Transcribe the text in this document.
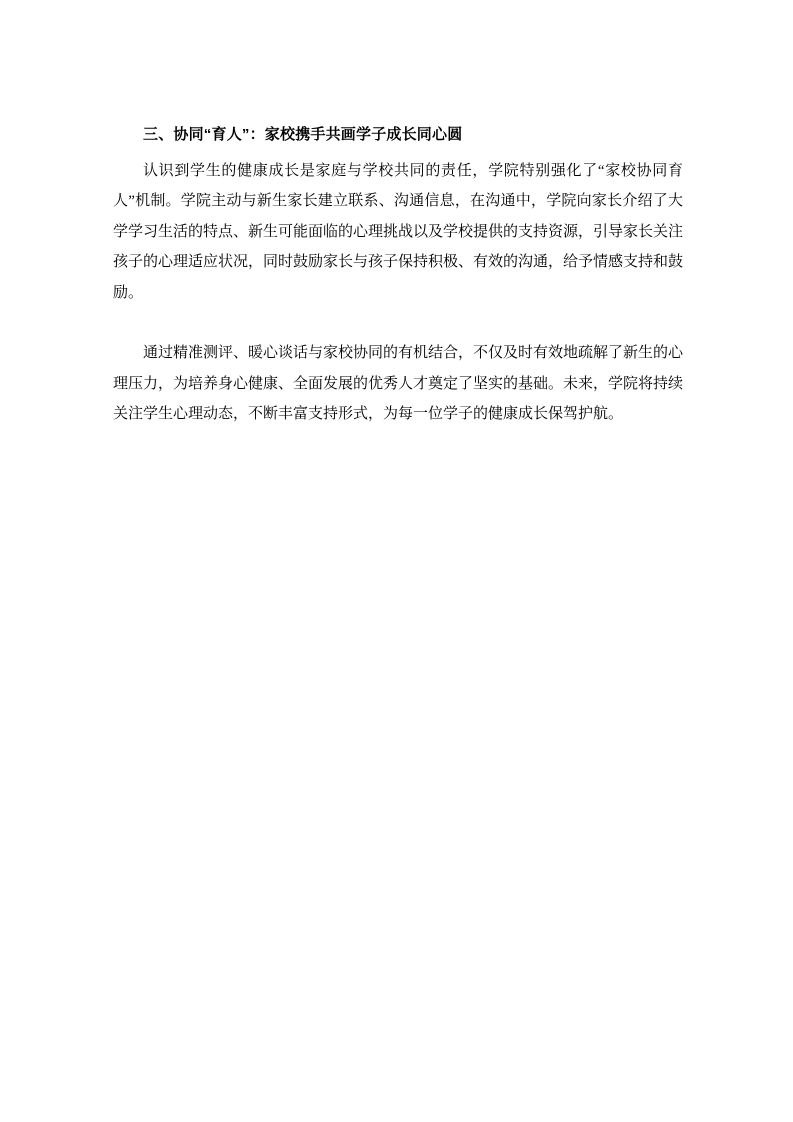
三、协同“育人”：家校携手共画学子成长同心圆

认识到学生的健康成长是家庭与学校共同的责任，学院特别强化了“家校协同育人”机制。学院主动与新生家长建立联系、沟通信息，在沟通中，学院向家长介绍了大学学习生活的特点、新生可能面临的心理挑战以及学校提供的支持资源，引导家长关注孩子的心理适应状况，同时鼓励家长与孩子保持积极、有效的沟通，给予情感支持和鼓励。

通过精准测评、暖心谈话与家校协同的有机结合，不仅及时有效地疏解了新生的心理压力，为培养身心健康、全面发展的优秀人才奠定了坚实的基础。未来，学院将持续关注学生心理动态，不断丰富支持形式，为每一位学子的健康成长保驾护航。
